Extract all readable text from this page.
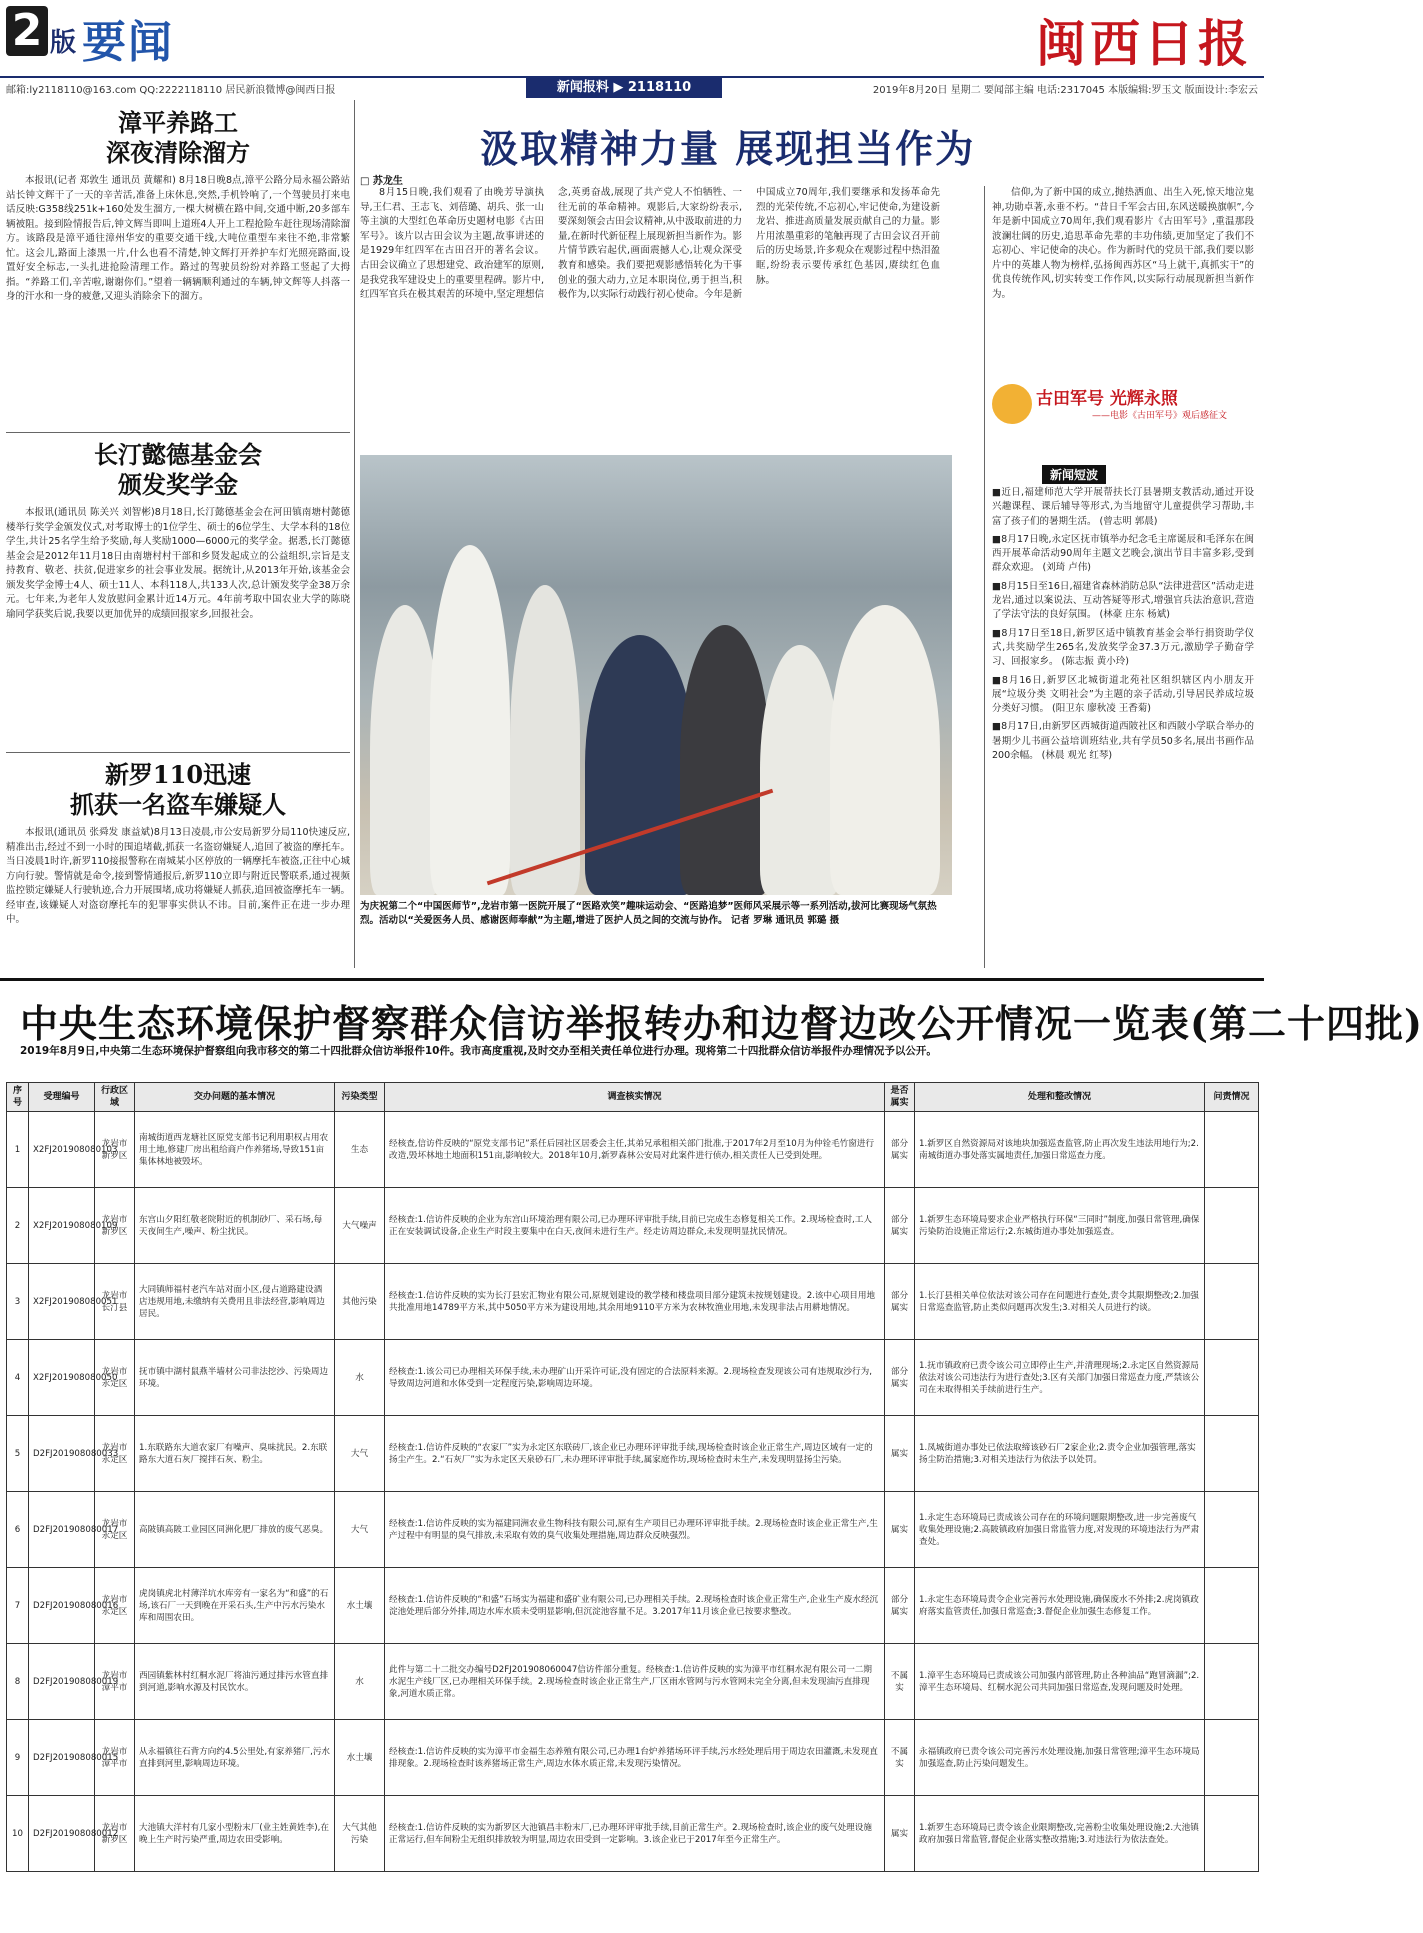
2 版 要闻	闽西日报
邮箱:ly2118110@163.com QQ:2222118110 居民新浪微博@闽西日报	新闻报料 ▶ 2118110	2019年8月20日 星期二 要闻部主编 电话:2317045 本版编辑:罗玉文 版面设计:李宏云
漳平养路工
深夜清除溜方

本报讯(记者 郑敦生 通讯员 黄耀和) 8月18日晚8点,漳平公路分局永福公路站站长钟文辉干了一天的辛苦活,准备上床休息,突然,手机铃响了,一个驾驶员打来电话反映:G358线251k+160处发生溜方,一棵大树横在路中间,交通中断,20多部车辆被阻。接到险情报告后,钟文辉当即叫上道班4人开上工程抢险车赶往现场清除溜方。该路段是漳平通往漳州华安的重要交通干线,大吨位重型车来往不绝,非常繁忙。这会儿,路面上漆黑一片,什么也看不清楚,钟文辉打开养护车灯光照亮路面,设置好安全标志,一头扎进抢险清理工作。路过的驾驶员纷纷对养路工竖起了大拇指。“养路工们,辛苦啦,谢谢你们。”望着一辆辆顺利通过的车辆,钟文辉等人抖落一身的汗水和一身的疲惫,又迎头消除余下的溜方。

长汀懿德基金会
颁发奖学金

本报讯(通讯员 陈关兴 刘智彬)8月18日,长汀懿德基金会在河田镇南塘村懿德楼举行奖学金颁发仪式,对考取博士的1位学生、硕士的6位学生、大学本科的18位学生,共计25名学生给予奖励,每人奖励1000—6000元的奖学金。据悉,长汀懿德基金会是2012年11月18日由南塘村村干部和乡贤发起成立的公益组织,宗旨是支持教育、敬老、扶贫,促进家乡的社会事业发展。据统计,从2013年开始,该基金会颁发奖学金博士4人、硕士11人、本科118人,共133人次,总计颁发奖学金38万余元。七年来,为老年人发放慰问金累计近14万元。4年前考取中国农业大学的陈晓瑜同学获奖后说,我要以更加优异的成绩回报家乡,回报社会。

新罗110迅速
抓获一名盗车嫌疑人

本报讯(通讯员 张舜发 康益斌)8月13日凌晨,市公安局新罗分局110快速反应,精准出击,经过不到一小时的围追堵截,抓获一名盗窃嫌疑人,追回了被盗的摩托车。当日凌晨1时许,新罗110接报警称在南城某小区停放的一辆摩托车被盗,正往中心城方向行驶。警情就是命令,接到警情通报后,新罗110立即与附近民警联系,通过视频监控锁定嫌疑人行驶轨迹,合力开展围堵,成功将嫌疑人抓获,追回被盗摩托车一辆。经审查,该嫌疑人对盗窃摩托车的犯罪事实供认不讳。目前,案件正在进一步办理中。

汲取精神力量 展现担当作为
□ 苏龙生
8月15日晚,我们观看了由晚芳导演执导,王仁君、王志飞、刘蓓璐、胡兵、张一山等主演的大型红色革命历史题材电影《古田军号》。该片以古田会议为主题,故事讲述的是1929年红四军在古田召开的著名会议。古田会议确立了思想建党、政治建军的原则,是我党我军建设史上的重要里程碑。影片中,红四军官兵在极其艰苦的环境中,坚定理想信念,英勇奋战,展现了共产党人不怕牺牲、一往无前的革命精神。观影后,大家纷纷表示,要深刻领会古田会议精神,从中汲取前进的力量,在新时代新征程上展现新担当新作为。影片情节跌宕起伏,画面震撼人心,让观众深受教育和感染。我们要把观影感悟转化为干事创业的强大动力,立足本职岗位,勇于担当,积极作为,以实际行动践行初心使命。今年是新中国成立70周年,我们要继承和发扬革命先烈的光荣传统,不忘初心,牢记使命,为建设新龙岩、推进高质量发展贡献自己的力量。影片用浓墨重彩的笔触再现了古田会议召开前后的历史场景,许多观众在观影过程中热泪盈眶,纷纷表示要传承红色基因,赓续红色血脉。
为庆祝第二个“中国医师节”,龙岩市第一医院开展了“医路欢笑”趣味运动会、“医路追梦”医师风采展示等一系列活动,拔河比赛现场气氛热烈。活动以“关爱医务人员、感谢医师奉献”为主题,增进了医护人员之间的交流与协作。 记者 罗琳 通讯员 郭璐 摄

信仰,为了新中国的成立,抛热洒血、出生入死,惊天地泣鬼神,功勋卓著,永垂不朽。“昔日千军会古田,东风送暖换旗帜”,今年是新中国成立70周年,我们观看影片《古田军号》,重温那段波澜壮阔的历史,追思革命先辈的丰功伟绩,更加坚定了我们不忘初心、牢记使命的决心。作为新时代的党员干部,我们要以影片中的英雄人物为榜样,弘扬闽西苏区“马上就干,真抓实干”的优良传统作风,切实转变工作作风,以实际行动展现新担当新作为。

古田军号 光辉永照
——电影《古田军号》观后感征文
新闻短波

■近日,福建师范大学开展帮扶长汀县暑期支教活动,通过开设兴趣课程、课后辅导等形式,为当地留守儿童提供学习帮助,丰富了孩子们的暑期生活。 (曾志明 郭晨)

■8月17日晚,永定区抚市镇举办纪念毛主席诞辰和毛泽东在闽西开展革命活动90周年主题文艺晚会,演出节目丰富多彩,受到群众欢迎。 (刘琦 卢伟)

■8月15日至16日,福建省森林消防总队“法律进营区”活动走进龙岩,通过以案说法、互动答疑等形式,增强官兵法治意识,营造了学法守法的良好氛围。 (林豪 庄东 杨斌)

■8月17日至18日,新罗区适中镇教育基金会举行捐资助学仪式,共奖励学生265名,发放奖学金37.3万元,激励学子勤奋学习、回报家乡。 (陈志振 黄小玲)

■8月16日,新罗区北城街道北苑社区组织辖区内小朋友开展“垃圾分类 文明社会”为主题的亲子活动,引导居民养成垃圾分类好习惯。 (阳卫东 廖秋凌 王香菊)

■8月17日,由新罗区西城街道西陂社区和西陂小学联合举办的暑期少儿书画公益培训班结业,共有学员50多名,展出书画作品200余幅。 (林晨 观光 红琴)

中央生态环境保护督察群众信访举报转办和边督边改公开情况一览表(第二十四批)
2019年8月9日,中央第二生态环境保护督察组向我市移交的第二十四批群众信访举报件10件。我市高度重视,及时交办至相关责任单位进行办理。现将第二十四批群众信访举报件办理情况予以公开。
序号	受理编号	行政区域	交办问题的基本情况	污染类型	调查核实情况	是否属实	处理和整改情况	问责情况
1	X2FJ201908080103	龙岩市新罗区	南城街道西龙塘社区原党支部书记利用职权占用农用土地,修建厂房出租给商户作养猪场,导致151亩集体林地被毁坏。	生态	经核查,信访件反映的“原党支部书记”系任后园社区居委会主任,其弟兄承租相关部门批准,于2017年2月至10月为仲铨毛竹窗进行改造,毁坏林地土地面积151亩,影响较大。2018年10月,新罗森林公安局对此案件进行侦办,相关责任人已受到处理。	部分属实	1.新罗区自然资源局对该地块加强巡查监管,防止再次发生违法用地行为;2.南城街道办事处落实属地责任,加强日常巡查力度。	
2	X2FJ201908080109	龙岩市新罗区	东宫山夕阳红敬老院附近的机制砂厂、采石场,每天夜间生产,噪声、粉尘扰民。	大气噪声	经核查:1.信访件反映的企业为东宫山环境治理有限公司,已办理环评审批手续,目前已完成生态修复相关工作。2.现场检查时,工人正在安装调试设备,企业生产时段主要集中在白天,夜间未进行生产。经走访周边群众,未发现明显扰民情况。	部分属实	1.新罗生态环境局要求企业严格执行环保“三同时”制度,加强日常管理,确保污染防治设施正常运行;2.东城街道办事处加强巡查。	
3	X2FJ201908080051	龙岩市长汀县	大同镇师福村老汽车站对面小区,侵占道路建设酒店违规用地,未缴纳有关费用且非法经营,影响周边居民。	其他污染	经核查:1.信访件反映的实为长汀县宏汇物业有限公司,原规划建设的教学楼和楼盘项目部分建筑未按规划建设。2.该中心项目用地共批准用地14789平方米,其中5050平方米为建设用地,其余用地9110平方米为农林牧渔业用地,未发现非法占用耕地情况。	部分属实	1.长汀县相关单位依法对该公司存在问题进行查处,责令其限期整改;2.加强日常巡查监管,防止类似问题再次发生;3.对相关人员进行约谈。	
4	X2FJ201908080050	龙岩市永定区	抚市镇中湖村鼠燕半墙材公司非法挖沙、污染周边环境。	水	经核查:1.该公司已办理相关环保手续,未办理矿山开采许可证,没有固定的合法原料来源。2.现场检查发现该公司有违规取沙行为,导致周边河道和水体受到一定程度污染,影响周边环境。	部分属实	1.抚市镇政府已责令该公司立即停止生产,并清理现场;2.永定区自然资源局依法对该公司违法行为进行查处;3.区有关部门加强日常巡查力度,严禁该公司在未取得相关手续前进行生产。	
5	D2FJ201908080033	龙岩市永定区	1.东联路东大道农家厂有噪声、臭味扰民。2.东联路东大道石灰厂搅拌石灰、粉尘。	大气	经核查:1.信访件反映的“农家厂”实为永定区东联砖厂,该企业已办理环评审批手续,现场检查时该企业正常生产,周边区域有一定的扬尘产生。2.“石灰厂”实为永定区天泉砂石厂,未办理环评审批手续,属家庭作坊,现场检查时未生产,未发现明显扬尘污染。	属实	1.凤城街道办事处已依法取缔该砂石厂2家企业;2.责令企业加强管理,落实扬尘防治措施;3.对相关违法行为依法予以处罚。	
6	D2FJ201908080017	龙岩市永定区	高陂镇高陂工业园区同洲化肥厂排放的废气恶臭。	大气	经核查:1.信访件反映的实为福建同洲农业生物科技有限公司,原有生产项目已办理环评审批手续。2.现场检查时该企业正常生产,生产过程中有明显的臭气排放,未采取有效的臭气收集处理措施,周边群众反映强烈。	属实	1.永定生态环境局已责成该公司存在的环境问题限期整改,进一步完善废气收集处理设施;2.高陂镇政府加强日常监管力度,对发现的环境违法行为严肃查处。	
7	D2FJ201908080016	龙岩市永定区	虎岗镇虎北村薄洋坑水库旁有一家名为“和盛”的石场,该石厂一天到晚在开采石头,生产中污水污染水库和周围农田。	水土壤	经核查:1.信访件反映的“和盛”石场实为福建和盛矿业有限公司,已办理相关手续。2.现场检查时该企业正常生产,企业生产废水经沉淀池处理后部分外排,周边水库水质未受明显影响,但沉淀池容量不足。3.2017年11月该企业已按要求整改。	部分属实	1.永定生态环境局责令企业完善污水处理设施,确保废水不外排;2.虎岗镇政府落实监管责任,加强日常巡查;3.督促企业加强生态修复工作。	
8	D2FJ201908080019	龙岩市漳平市	西园镇紫林村红桐水泥厂将油污通过排污水管直排到河道,影响水源及村民饮水。	水	此件与第二十二批交办编号D2FJ201908060047信访件部分重复。经核查:1.信访件反映的实为漳平市红桐水泥有限公司一二期水泥生产线厂区,已办理相关环保手续。2.现场检查时该企业正常生产,厂区雨水管网与污水管网未完全分离,但未发现油污直排现象,河道水质正常。	不属实	1.漳平生态环境局已责成该公司加强内部管理,防止各种油品“跑冒滴漏”;2.漳平生态环境局、红桐水泥公司共同加强日常巡查,发现问题及时处理。	
9	D2FJ201908080015	龙岩市漳平市	从永福镇往石背方向约4.5公里处,有家养猪厂,污水直排到河里,影响周边环境。	水土壤	经核查:1.信访件反映的实为漳平市金福生态养殖有限公司,已办理1台炉养猪场环评手续,污水经处理后用于周边农田灌溉,未发现直排现象。2.现场检查时该养猪场正常生产,周边水体水质正常,未发现污染情况。	不属实	永福镇政府已责令该公司完善污水处理设施,加强日常管理;漳平生态环境局加强巡查,防止污染问题发生。	
10	D2FJ201908080012	龙岩市新罗区	大池镇大洋村有几家小型粉末厂(业主姓黄姓李),在晚上生产时污染严重,周边农田受影响。	大气其他污染	经核查:1.信访件反映的实为新罗区大池镇昌丰粉末厂,已办理环评审批手续,目前正常生产。2.现场检查时,该企业的废气处理设施正常运行,但车间粉尘无组织排放较为明显,周边农田受到一定影响。3.该企业已于2017年至今正常生产。	属实	1.新罗生态环境局已责令该企业限期整改,完善粉尘收集处理设施;2.大池镇政府加强日常监管,督促企业落实整改措施;3.对违法行为依法查处。	
